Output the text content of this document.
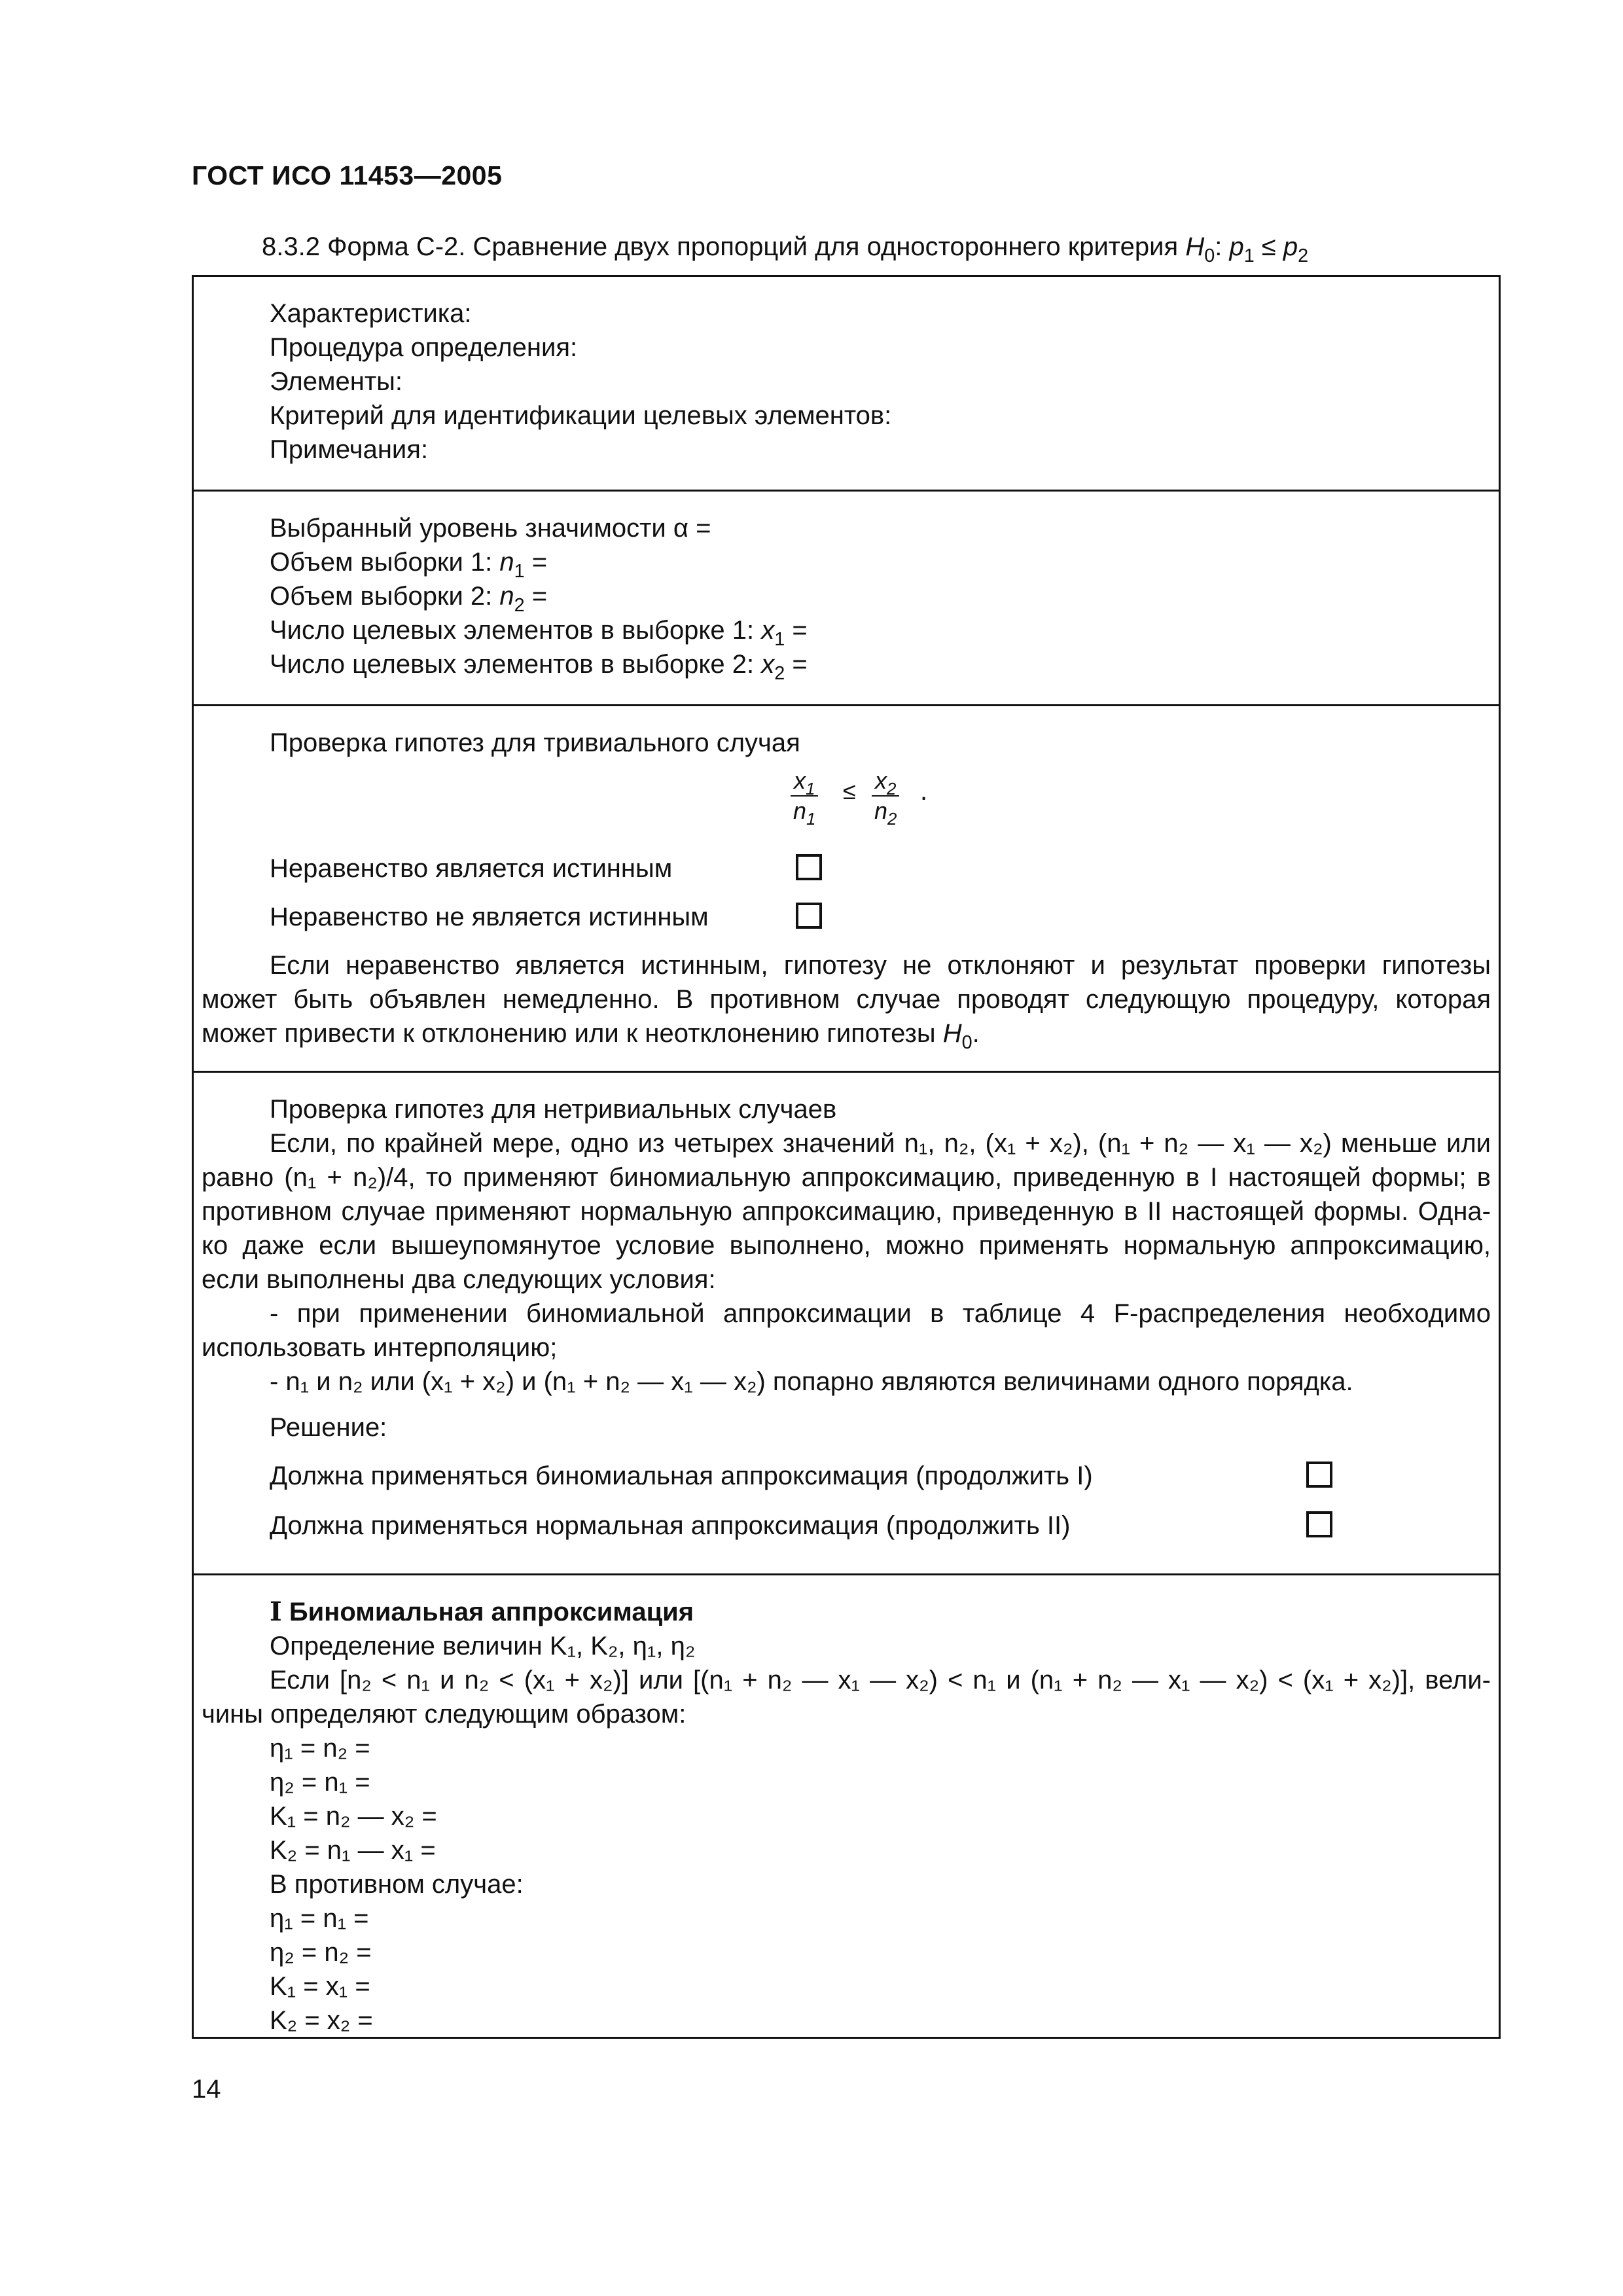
ГОСТ ИСО 11453—2005
8.3.2 Форма С-2. Сравнение двух пропорций для одностороннего критерия $H_0$: $p_1 \le p_2$
Характеристика:
Процедура определения:
Элементы:
Критерий для идентификации целевых элементов:
Примечания:
Выбранный уровень значимости α =
Объем выборки 1: $n_1$ =
Объем выборки 2: $n_2$ =
Число целевых элементов в выборке 1: $x_1$ =
Число целевых элементов в выборке 2: $x_2$ =
Проверка гипотез для тривиального случая
$\frac{x_1}{n_1} \le \frac{x_2}{n_2}$ .
Неравенство является истинным
Неравенство не является истинным
Если неравенство является истинным, гипотезу не отклоняют и результат проверки гипотезы
может быть объявлен немедленно. В противном случае проводят следующую процедуру, которая
может привести к отклонению или к неотклонению гипотезы $H_0$.
Проверка гипотез для нетривиальных случаев
Если, по крайней мере, одно из четырех значений n₁, n₂, (x₁ + x₂), (n₁ + n₂ — x₁ — x₂) меньше или
равно (n₁ + n₂)/4, то применяют биномиальную аппроксимацию, приведенную в I настоящей формы; в
противном случае применяют нормальную аппроксимацию, приведенную в II настоящей формы. Одна-
ко даже если вышеупомянутое условие выполнено, можно применять нормальную аппроксимацию,
если выполнены два следующих условия:
- при применении биномиальной аппроксимации в таблице 4 F-распределения необходимо
использовать интерполяцию;
- n₁ и n₂ или (x₁ + x₂) и (n₁ + n₂ — x₁ — x₂) попарно являются величинами одного порядка.
Решение:
Должна применяться биномиальная аппроксимация (продолжить I)
Должна применяться нормальная аппроксимация (продолжить II)
I Биномиальная аппроксимация
Определение величин K₁, K₂, η₁, η₂
Если [n₂ < n₁ и n₂ < (x₁ + x₂)] или [(n₁ + n₂ — x₁ — x₂) < n₁ и (n₁ + n₂ — x₁ — x₂) < (x₁ + x₂)], вели-
чины определяют следующим образом:
η₁ = n₂ =
η₂ = n₁ =
K₁ = n₂ — x₂ =
K₂ = n₁ — x₁ =
В противном случае:
η₁ = n₁ =
η₂ = n₂ =
K₁ = x₁ =
K₂ = x₂ =
14
